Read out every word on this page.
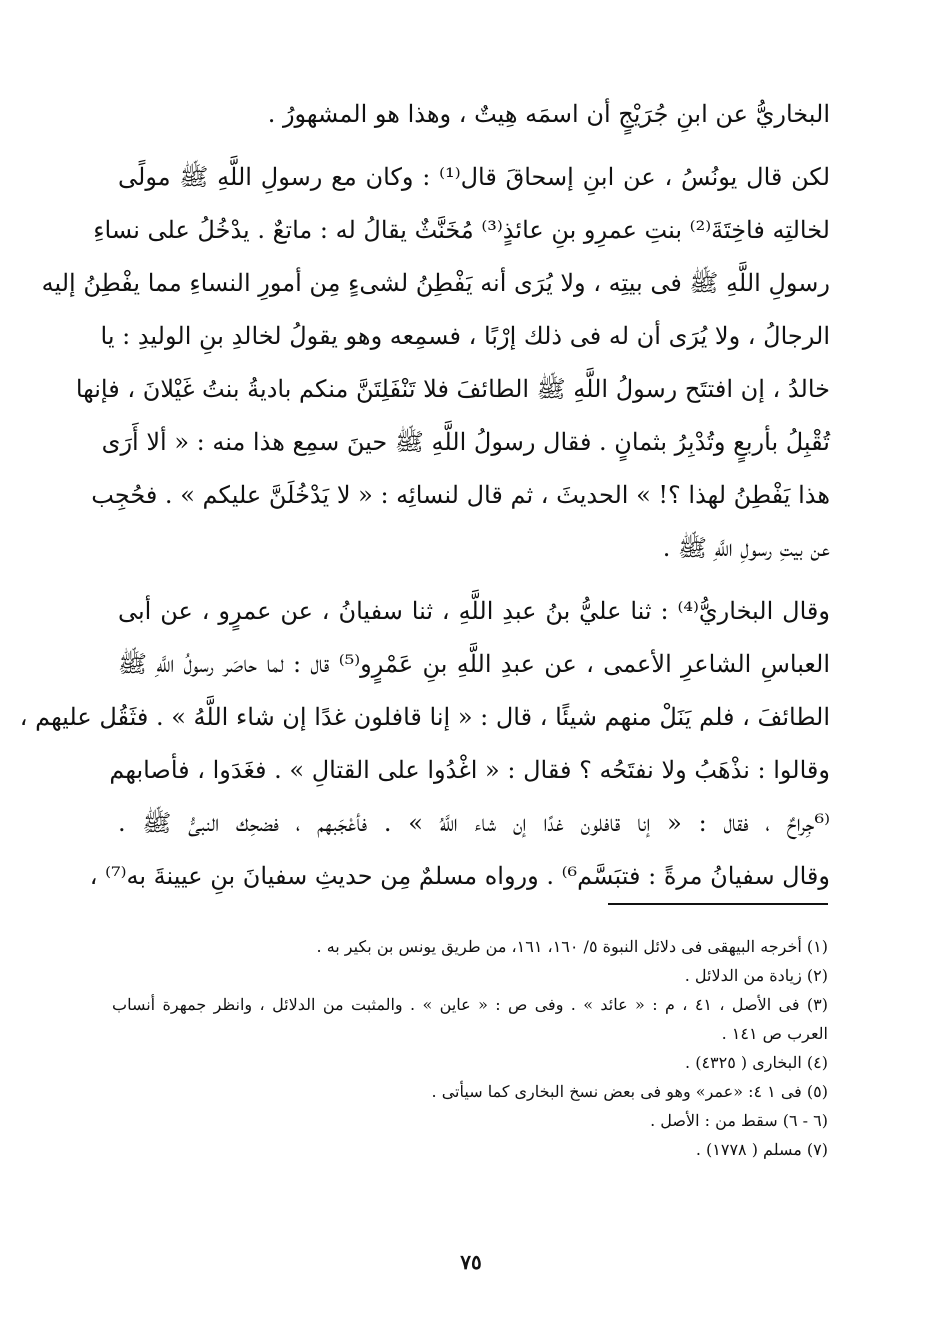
البخاريُّ عن ابنِ جُرَيْجٍ أن اسمَه هِيتٌ ، وهذا هو المشهورُ .
لكن قال يونُسُ ، عن ابنِ إسحاقَ قال⁽¹⁾ : وكان مع رسولِ اللَّهِ ﷺ مولًى
لخالتِه فاخِتَةَ⁽²⁾ بنتِ عمرِو بنِ عائذٍ⁽³⁾ مُخَنَّثٌ يقالُ له : ماتعٌ . يدْخُلُ على نساءِ
رسولِ اللَّهِ ﷺ فى بيتِه ، ولا يُرَى أنه يَفْطِنُ لشىءٍ مِن أمورِ النساءِ مما يفْطِنُ إليه
الرجالُ ، ولا يُرَى أن له فى ذلك إرْبًا ، فسمِعه وهو يقولُ لخالدِ بنِ الوليدِ : يا
خالدُ ، إن افتتَح رسولُ اللَّهِ ﷺ الطائفَ فلا تَنْفَلِتَنَّ منكم باديةُ بنتُ غَيْلانَ ، فإنها
تُقْبِلُ بأربعٍ وتُدْبِرُ بثمانٍ . فقال رسولُ اللَّهِ ﷺ حينَ سمِع هذا منه : « ألا أَرَى
هذا يَفْطِنُ لهذا ؟! » الحديثَ ، ثم قال لنسائِه : « لا يَدْخُلَنَّ عليكم » . فحُجِب
عن بيتِ رسولِ اللَّهِ ﷺ .
وقال البخاريُّ⁽⁴⁾ : ثنا عليُّ بنُ عبدِ اللَّهِ ، ثنا سفيانُ ، عن عمرٍو ، عن أبى
العباسِ الشاعرِ الأعمى ، عن عبدِ اللَّهِ بنِ عَمْرٍو⁽⁵⁾ قال : لما حاصَر رسولُ اللَّهِ ﷺ
الطائفَ ، فلم يَنَلْ منهم شيئًا ، قال : « إنا قافلون غدًا إن شاء اللَّهُ » . فثَقُل عليهم ،
وقالوا : نذْهَبُ ولا نفتَحُه ؟ فقال : « اغْدُوا على القتالِ » . فغَدَوا ، فأصابهم
⁽⁶جِراحٌ ، فقال : « إنا قافلون غدًا إن شاء اللَّهُ » . فأعْجَبهم ، فضحِك النبىُّ ﷺ .
وقال سفيانُ مرةً : فتبَسَّم⁶⁾ . ورواه مسلمٌ مِن حديثِ سفيانَ بنِ عيينةَ به⁽⁷⁾ ،
(١) أخرجه البيهقى فى دلائل النبوة ٥/ ١٦٠، ١٦١، من طريق يونس بن بكير به .
(٢) زيادة من الدلائل .
(٣) فى الأصل ، ٤١ ، م : « عائد » . وفى ص : « عاين » . والمثبت من الدلائل ، وانظر جمهرة أنساب
العرب ص ١٤١ .
(٤) البخارى ( ٤٣٢٥) .
(٥) فى ١ ٤: «عمر» وهو فى بعض نسخ البخارى كما سيأتى .
(٦ - ٦) سقط من : الأصل .
(٧) مسلم ( ١٧٧٨) .
٧٥
